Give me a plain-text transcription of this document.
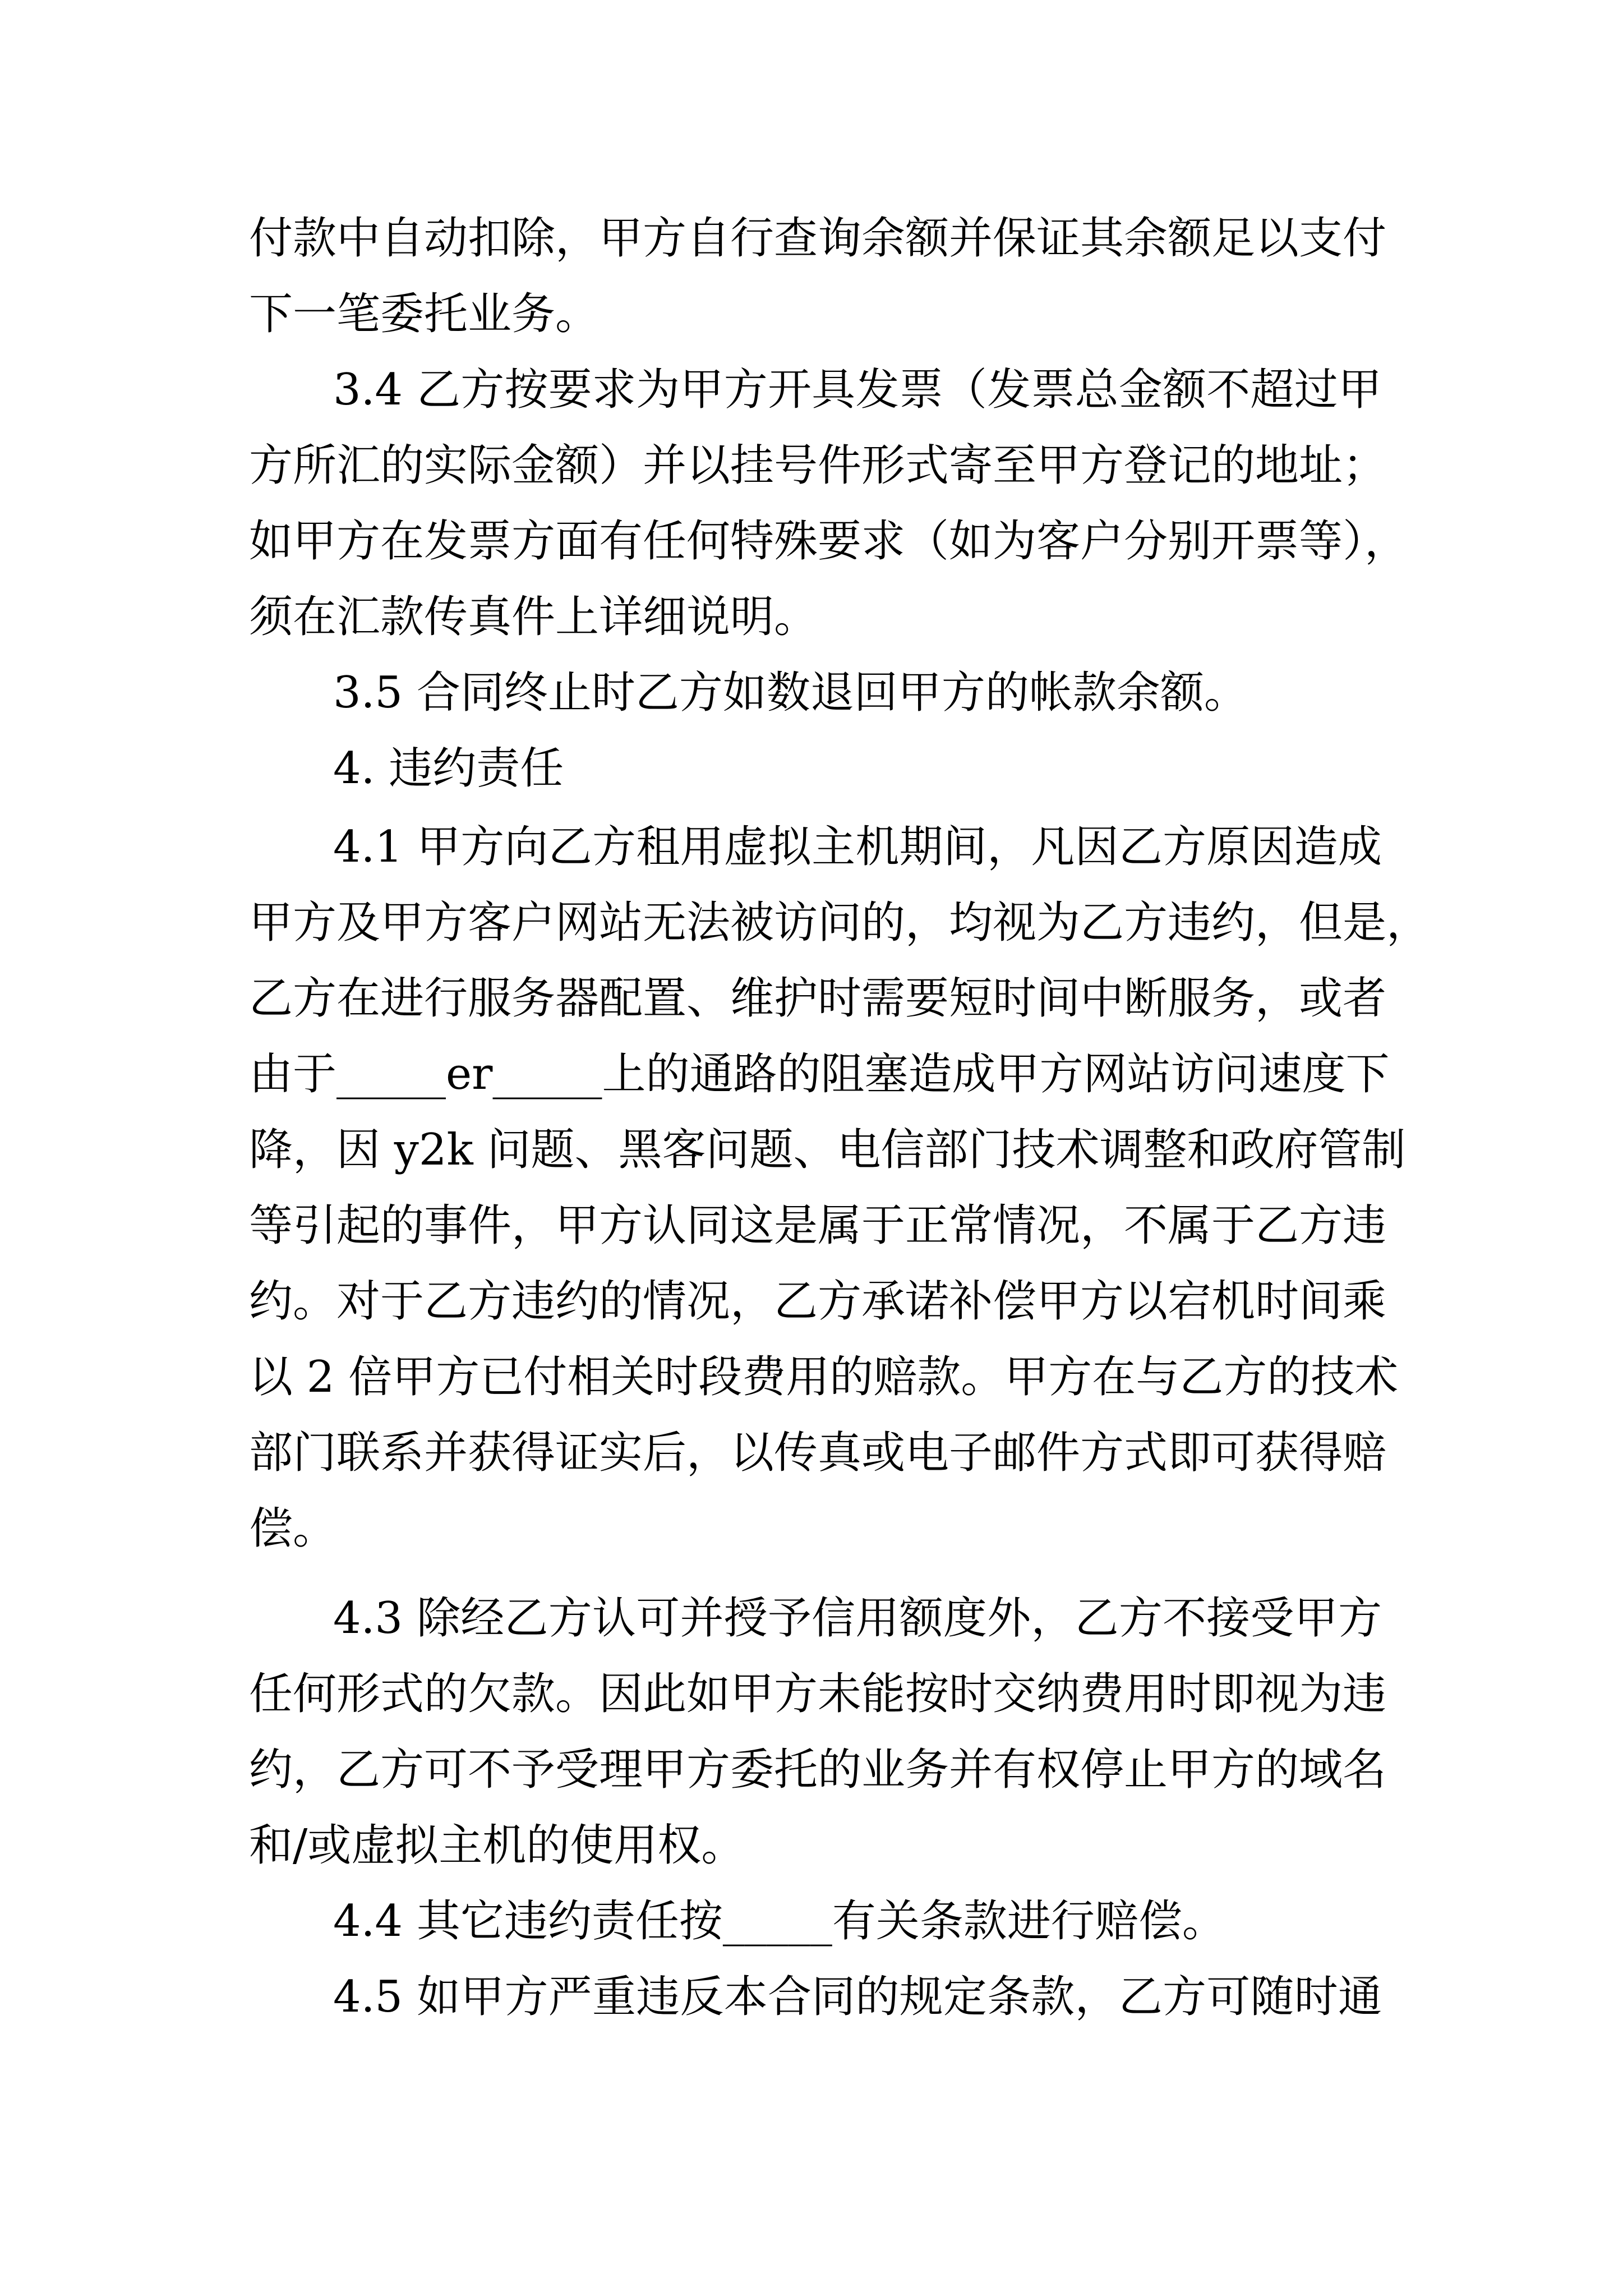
付款中自动扣除，甲方自行查询余额并保证其余额足以支付
下一笔委托业务。
3.4 乙方按要求为甲方开具发票（发票总金额不超过甲
方所汇的实际金额）并以挂号件形式寄至甲方登记的地址；
如甲方在发票方面有任何特殊要求（如为客户分别开票等），
须在汇款传真件上详细说明。
3.5 合同终止时乙方如数退回甲方的帐款余额。
4. 违约责任
4.1 甲方向乙方租用虚拟主机期间，凡因乙方原因造成
甲方及甲方客户网站无法被访问的，均视为乙方违约，但是，
乙方在进行服务器配置、维护时需要短时间中断服务，或者
由于_____er_____上的通路的阻塞造成甲方网站访问速度下
降，因 y2k 问题、黑客问题、电信部门技术调整和政府管制
等引起的事件，甲方认同这是属于正常情况，不属于乙方违
约。对于乙方违约的情况，乙方承诺补偿甲方以宕机时间乘
以 2 倍甲方已付相关时段费用的赔款。甲方在与乙方的技术
部门联系并获得证实后，以传真或电子邮件方式即可获得赔
偿。
4.3 除经乙方认可并授予信用额度外，乙方不接受甲方
任何形式的欠款。因此如甲方未能按时交纳费用时即视为违
约，乙方可不予受理甲方委托的业务并有权停止甲方的域名
和/或虚拟主机的使用权。
4.4 其它违约责任按_____有关条款进行赔偿。
4.5 如甲方严重违反本合同的规定条款，乙方可随时通
